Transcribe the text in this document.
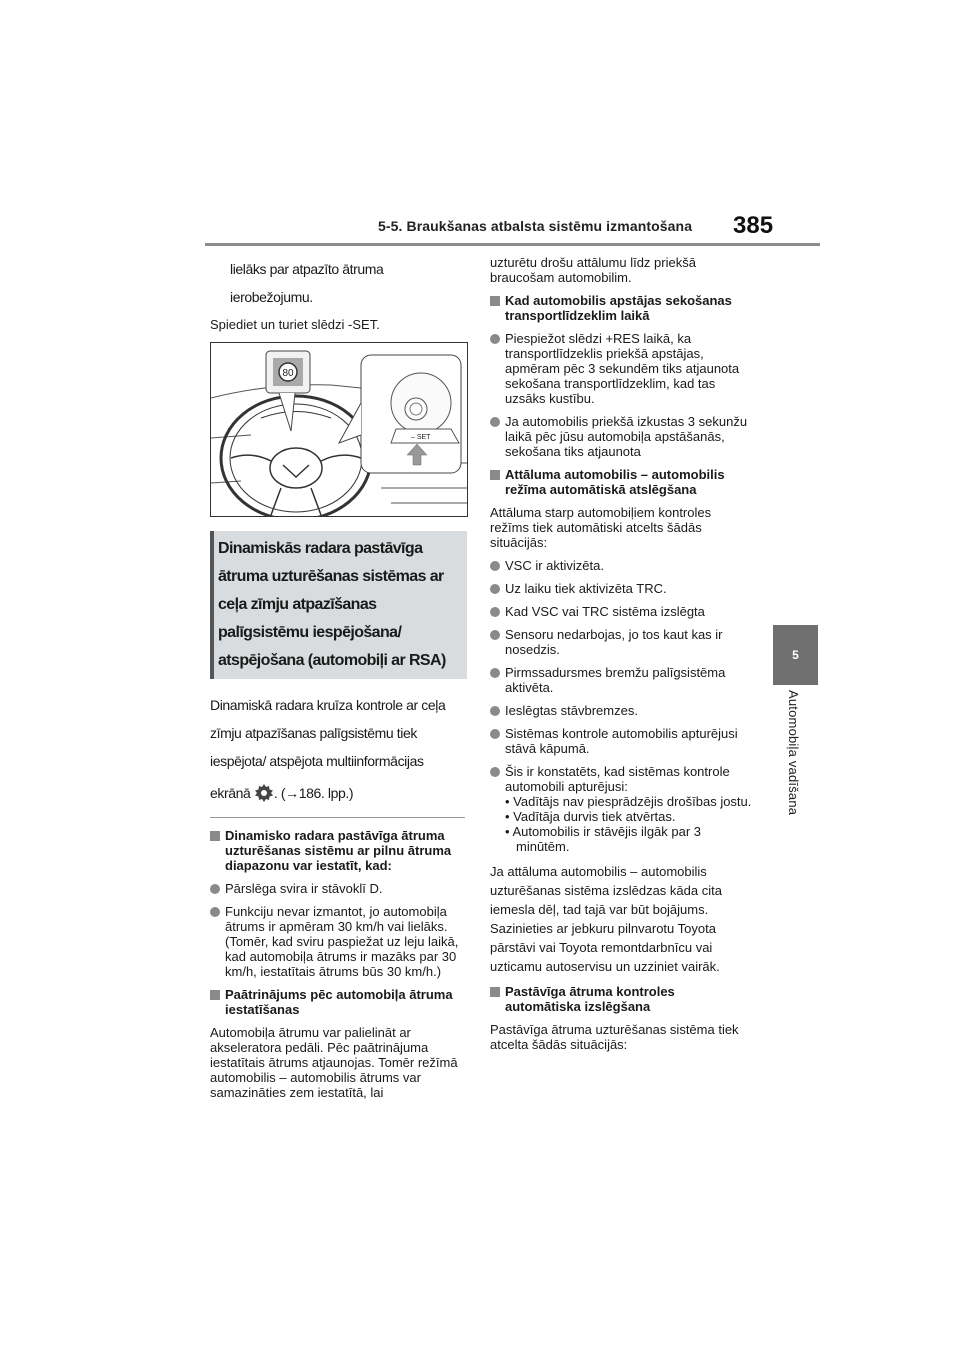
5-5. Braukšanas atbalsta sistēmu izmantošana 385
5
Automobiļa vadīšana

lielāks par atpazīto ātruma

ierobežojumu.

Spiediet un turiet slēdzi -SET.

80
– SET

Dinamiskās radara pastāvīga

ātruma uzturēšanas sistēmas ar

ceļa zīmju atpazīšanas

palīgsistēmu iespējošana/

atspējošana (automobiļi ar RSA)

Dinamiskā radara kruīza kontrole ar ceļa

zīmju atpazīšanas palīgsistēmu tiek

iespējota/ atspējota multiinformācijas

ekrānā . (→186. lpp.)

Dinamisko radara pastāvīga ātruma uzturēšanas sistēmu ar pilnu ātruma diapazonu var iestatīt, kad:
Pārslēga svira ir stāvoklī D.
Funkciju nevar izmantot, jo automobiļa ātrums ir apmēram 30 km/h vai lielāks.
(Tomēr, kad sviru paspiežat uz leju laikā, kad automobiļa ātrums ir mazāks par 30 km/h, iestatītais ātrums būs 30 km/h.)
Paātrinājums pēc automobiļa ātruma iestatīšanas

Automobiļa ātrumu var palielināt ar akseleratora pedāli. Pēc paātrinājuma iestatītais ātrums atjaunojas. Tomēr režīmā automobilis – automobilis ātrums var samazināties zem iestatītā, lai

uzturētu drošu attālumu līdz priekšā braucošam automobilim.

Kad automobilis apstājas sekošanas transportlīdzeklim laikā
Piespiežot slēdzi +RES laikā, ka transportlīdzeklis priekšā apstājas, apmēram pēc 3 sekundēm tiks atjaunota sekošana transportlīdzeklim, kad tas uzsāks kustību.
Ja automobilis priekšā izkustas 3 sekunžu laikā pēc jūsu automobiļa apstāšanās, sekošana tiks atjaunota
Attāluma automobilis – automobilis režīma automātiskā atslēgšana

Attāluma starp automobiļiem kontroles režīms tiek automātiski atcelts šādās situācijās:

VSC ir aktivizēta.
Uz laiku tiek aktivizēta TRC.
Kad VSC vai TRC sistēma izslēgta
Sensoru nedarbojas, jo tos kaut kas ir nosedzis.
Pirmssadursmes bremžu palīgsistēma aktivēta.
Ieslēgtas stāvbremzes.
Sistēmas kontrole automobilis apturējusi stāvā kāpumā.
Šis ir konstatēts, kad sistēmas kontrole automobili apturējusi:

• Vadītājs nav piesprādzējis drošības jostu.

• Vadītāja durvis tiek atvērtas.

• Automobilis ir stāvējis ilgāk par 3 minūtēm.

Ja attāluma automobilis – automobilis

uzturēšanas sistēma izslēdzas kāda cita

iemesla dēļ, tad tajā var būt bojājums.

Sazinieties ar jebkuru pilnvarotu Toyota

pārstāvi vai Toyota remontdarbnīcu vai

uzticamu autoservisu un uzziniet vairāk.

Pastāvīga ātruma kontroles automātiska izslēgšana

Pastāvīga ātruma uzturēšanas sistēma tiek atcelta šādās situācijās:
